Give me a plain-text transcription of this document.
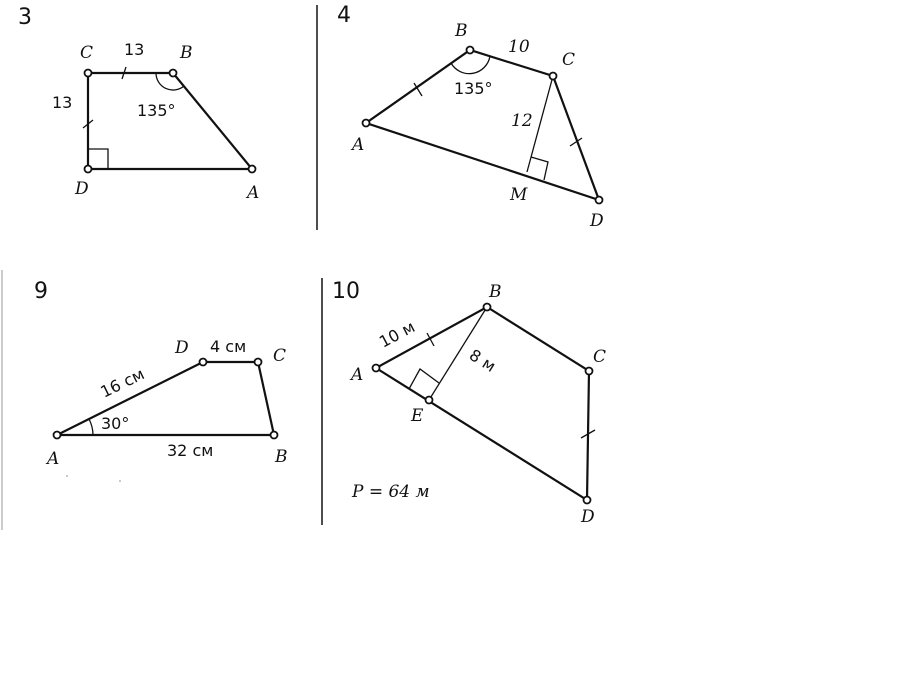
3
C	B
D	A
13
13	135°
4
A
B
C
D
M
10
12
135°
9
A
D	C
B
16 см
4 см
32 см
30°
10
A
B
C
D
E
10 м
8 м
P = 64 м
